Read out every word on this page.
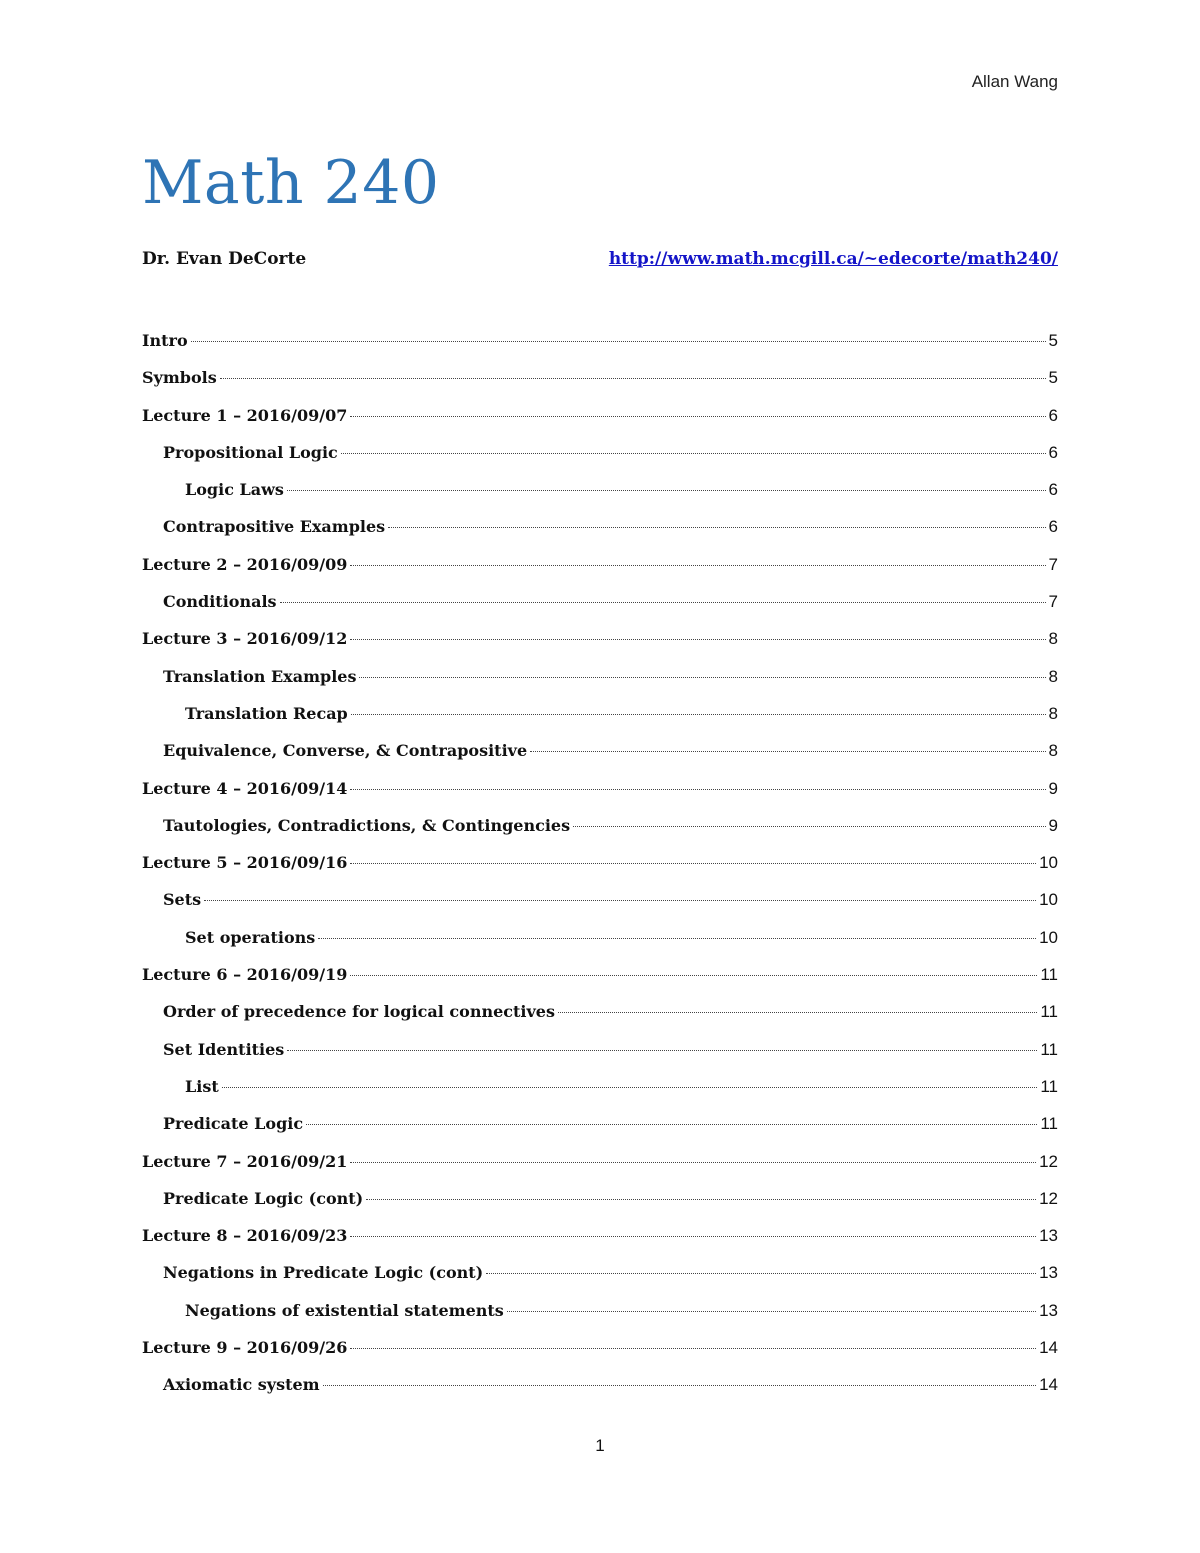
Allan Wang
Math 240
Dr. Evan DeCorte	http://www.math.mcgill.ca/~edecorte/math240/
Intro	5
Symbols	5
Lecture 1 – 2016/09/07	6
Propositional Logic	6
Logic Laws	6
Contrapositive Examples	6
Lecture 2 – 2016/09/09	7
Conditionals	7
Lecture 3 – 2016/09/12	8
Translation Examples	8
Translation Recap	8
Equivalence, Converse, & Contrapositive	8
Lecture 4 – 2016/09/14	9
Tautologies, Contradictions, & Contingencies	9
Lecture 5 – 2016/09/16	10
Sets	10
Set operations	10
Lecture 6 – 2016/09/19	11
Order of precedence for logical connectives	11
Set Identities	11
List	11
Predicate Logic	11
Lecture 7 – 2016/09/21	12
Predicate Logic (cont)	12
Lecture 8 – 2016/09/23	13
Negations in Predicate Logic (cont)	13
Negations of existential statements	13
Lecture 9 – 2016/09/26	14
Axiomatic system	14
1
